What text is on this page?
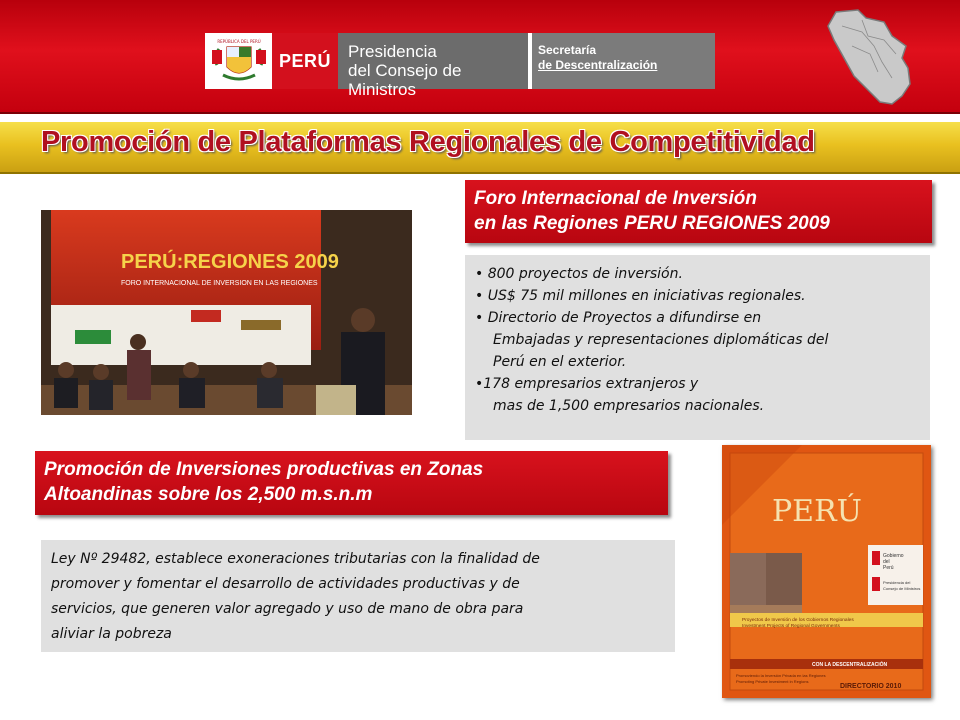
REPÚBLICA DEL PERÚ
PERÚ	Presidencia
del Consejo de Ministros
Secretaría
de Descentralización
Promoción de Plataformas Regionales de Competitividad
PERÚ:REGIONES 2009
FORO INTERNACIONAL DE INVERSION EN LAS REGIONES
Foro Internacional de Inversión
en las Regiones PERU REGIONES 2009

• 800 proyectos de inversión.

• US$ 75 mil millones en iniciativas regionales.

• Directorio de Proyectos a difundirse en

Embajadas y representaciones diplomáticas del

Perú en el exterior.

•178 empresarios extranjeros y

mas de 1,500 empresarios nacionales.

Promoción de Inversiones productivas en Zonas
Altoandinas sobre los 2,500 m.s.n.m
Ley Nº 29482, establece exoneraciones tributarias con la finalidad de
promover y fomentar el desarrollo de actividades productivas y de
servicios, que generen valor agregado y uso de mano de obra para
aliviar la pobreza
Gobierno
del
Perú
Presidencia del
Consejo de Ministros
Proyectos de Inversión de los Gobiernos Regionales
Investment Projects of Regional Governments
CON LA DESCENTRALIZACIÓN
Promoviendo la Inversión Privada en las Regiones
Promoting Private Investment in Regions
DIRECTORIO 2010
PERÚ
